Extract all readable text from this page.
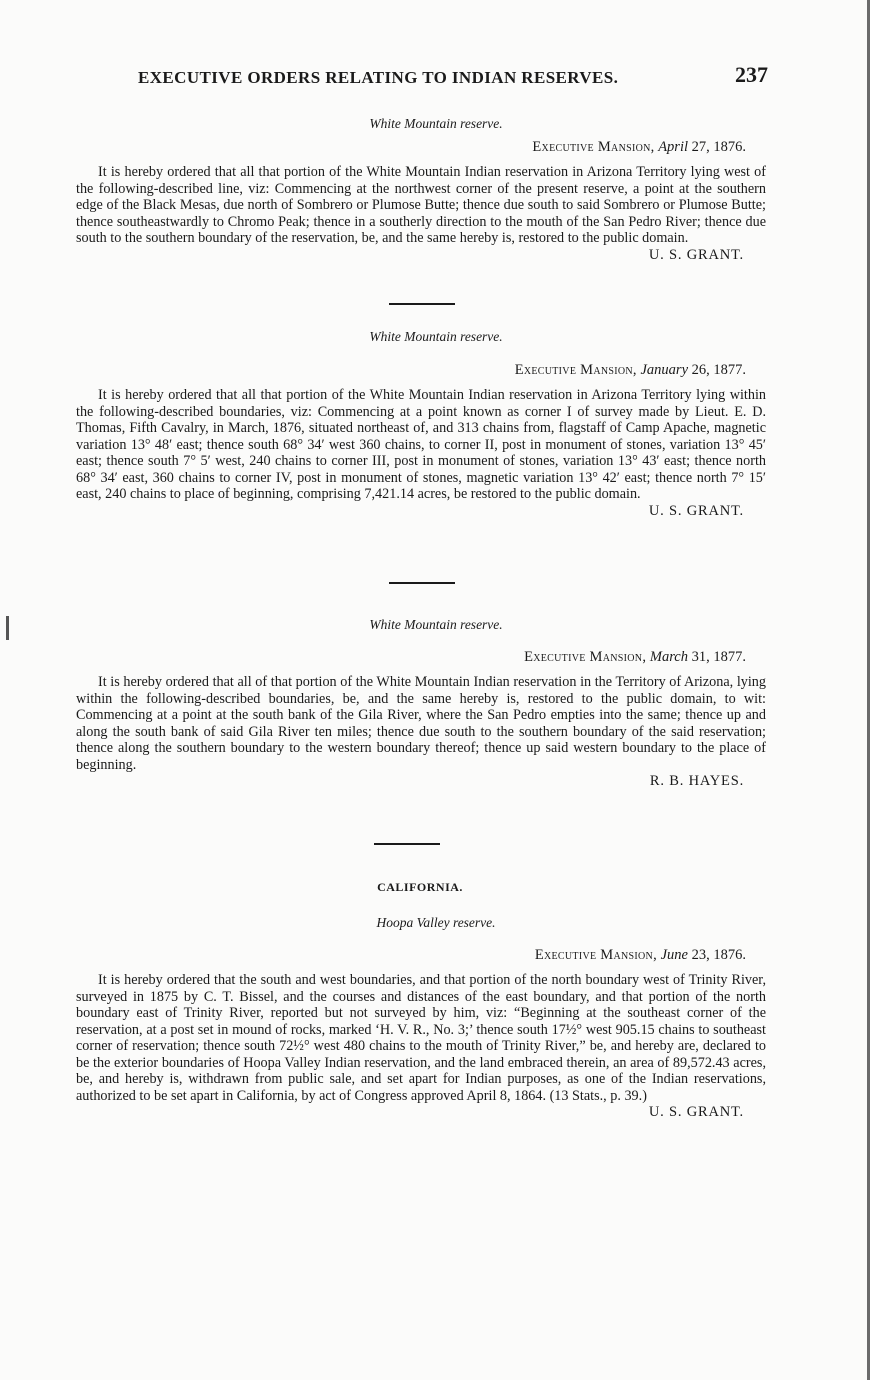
EXECUTIVE ORDERS RELATING TO INDIAN RESERVES.	237
White Mountain reserve.
Executive Mansion, April 27, 1876.
It is hereby ordered that all that portion of the White Mountain Indian reservation in Arizona Territory lying west of the following-described line, viz: Commencing at the northwest corner of the present reserve, a point at the southern edge of the Black Mesas, due north of Sombrero or Plumose Butte; thence due south to said Sombrero or Plumose Butte; thence southeastwardly to Chromo Peak; thence in a southerly direction to the mouth of the San Pedro River; thence due south to the southern boundary of the reservation, be, and the same hereby is, restored to the public domain.
U. S. GRANT.
White Mountain reserve.
Executive Mansion, January 26, 1877.
It is hereby ordered that all that portion of the White Mountain Indian reservation in Arizona Territory lying within the following-described boundaries, viz: Commencing at a point known as corner I of survey made by Lieut. E. D. Thomas, Fifth Cavalry, in March, 1876, situated northeast of, and 313 chains from, flagstaff of Camp Apache, magnetic variation 13° 48′ east; thence south 68° 34′ west 360 chains, to corner II, post in monument of stones, variation 13° 45′ east; thence south 7° 5′ west, 240 chains to corner III, post in monument of stones, variation 13° 43′ east; thence north 68° 34′ east, 360 chains to corner IV, post in monument of stones, magnetic variation 13° 42′ east; thence north 7° 15′ east, 240 chains to place of beginning, comprising 7,421.14 acres, be restored to the public domain.
U. S. GRANT.
White Mountain reserve.
Executive Mansion, March 31, 1877.
It is hereby ordered that all of that portion of the White Mountain Indian reservation in the Territory of Arizona, lying within the following-described boundaries, be, and the same hereby is, restored to the public domain, to wit: Commencing at a point at the south bank of the Gila River, where the San Pedro empties into the same; thence up and along the south bank of said Gila River ten miles; thence due south to the southern boundary of the said reservation; thence along the southern boundary to the western boundary thereof; thence up said western boundary to the place of beginning.
R. B. HAYES.
CALIFORNIA.
Hoopa Valley reserve.
Executive Mansion, June 23, 1876.
It is hereby ordered that the south and west boundaries, and that portion of the north boundary west of Trinity River, surveyed in 1875 by C. T. Bissel, and the courses and distances of the east boundary, and that portion of the north boundary east of Trinity River, reported but not surveyed by him, viz: “Beginning at the southeast corner of the reservation, at a post set in mound of rocks, marked ‘H. V. R., No. 3;’ thence south 17½° west 905.15 chains to southeast corner of reservation; thence south 72½° west 480 chains to the mouth of Trinity River,” be, and hereby are, declared to be the exterior boundaries of Hoopa Valley Indian reservation, and the land embraced therein, an area of 89,572.43 acres, be, and hereby is, withdrawn from public sale, and set apart for Indian purposes, as one of the Indian reservations, authorized to be set apart in California, by act of Congress approved April 8, 1864. (13 Stats., p. 39.)
U. S. GRANT.
